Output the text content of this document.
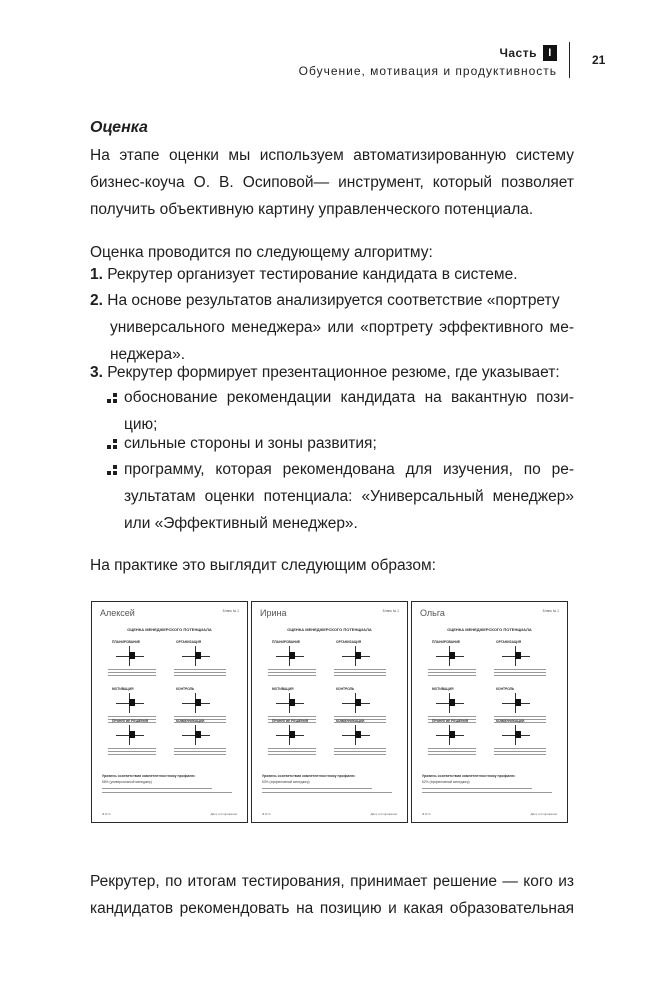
Часть	I
Обучение, мотивация и продуктивность
21
Оценка
На этапе оценки мы используем автоматизированную систему
бизнес-коуча О. В. Осиповой— инструмент, который позволяет
получить объективную картину управленческого потенциала.
Оценка проводится по следующему алгоритму:
1. Рекрутер организует тестирование кандидата в системе.
2. На основе результатов анализируется соответствие «портрету
универсального менеджера» или «портрету эффективного ме-
неджера».
3. Рекрутер формирует презентационное резюме, где указывает:
обоснование рекомендации кандидата на вакантную пози-
цию;
сильные стороны и зоны развития;
программу, которая рекомендована для изучения, по ре-
зультатам оценки потенциала: «Универсальный менеджер»
или «Эффективный менеджер».
На практике это выглядит следующим образом:
Алексей	Бланк № 1
ОЦЕНКА МЕНЕДЖЕРСКОГО ПОТЕНЦИАЛА
ПЛАНИРОВАНИЕ	ОРГАНИЗАЦИЯ
МОТИВАЦИЯ	КОНТРОЛЬ
ПРИНЯТИЕ РЕШЕНИЯ	КОММУНИКАЦИИ
Уровень соответствия компетентностному профилю:
58% (универсальный менеджер)
Ф.И.О.	Дата тестирования
Ирина	Бланк № 1
ОЦЕНКА МЕНЕДЖЕРСКОГО ПОТЕНЦИАЛА
ПЛАНИРОВАНИЕ	ОРГАНИЗАЦИЯ
МОТИВАЦИЯ	КОНТРОЛЬ
ПРИНЯТИЕ РЕШЕНИЯ	КОММУНИКАЦИИ
Уровень соответствия компетентностному профилю:
53% (эффективный менеджер)
Ф.И.О.	Дата тестирования
Ольга	Бланк № 1
ОЦЕНКА МЕНЕДЖЕРСКОГО ПОТЕНЦИАЛА
ПЛАНИРОВАНИЕ	ОРГАНИЗАЦИЯ
МОТИВАЦИЯ	КОНТРОЛЬ
ПРИНЯТИЕ РЕШЕНИЯ	КОММУНИКАЦИИ
Уровень соответствия компетентностному профилю:
62% (эффективный менеджер)
Ф.И.О.	Дата тестирования
Рекрутер, по итогам тестирования, принимает решение — кого из
кандидатов рекомендовать на позицию и какая образовательная
